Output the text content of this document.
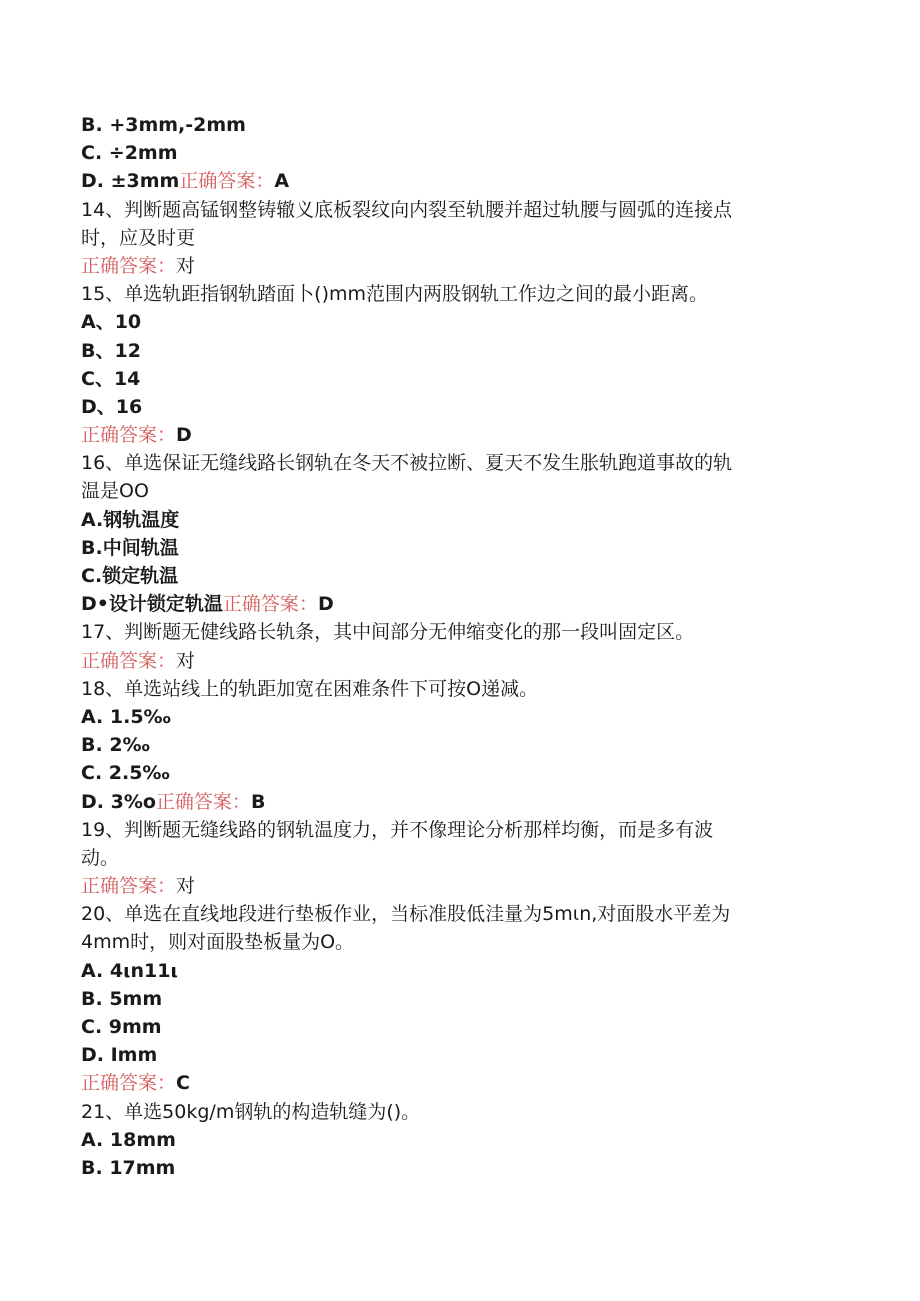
B. +3mm,-2mm
C. ÷2mm
D. ±3mm正确答案：A
14、判断题高锰钢整铸辙义底板裂纹向内裂至轨腰并超过轨腰与圆弧的连接点
时，应及时更
正确答案：对
15、单选轨距指钢轨踏面卜()mm范围内两股钢轨工作边之间的最小距离。
A、10
B、12
C、14
D、16
正确答案：D
16、单选保证无缝线路长钢轨在冬天不被拉断、夏天不发生胀轨跑道事故的轨
温是OO
A.钢轨温度
B.中间轨温
C.锁定轨温
D•设计锁定轨温正确答案：D
17、判断题无健线路长轨条，其中间部分无伸缩变化的那一段叫固定区。
正确答案：对
18、单选站线上的轨距加宽在困难条件下可按O递减。
A. 1.5‰
B. 2‰
C. 2.5‰
D. 3%o正确答案：B
19、判断题无缝线路的钢轨温度力，并不像理论分析那样均衡，而是多有波
动。
正确答案：对
20、单选在直线地段进行垫板作业，当标准股低洼量为5mιn,对面股水平差为
4mm时，则对面股垫板量为O。
A. 4ιn11ι
B. 5mm
C. 9mm
D. Imm
正确答案：C
21、单选50kg/m钢轨的构造轨缝为()。
A. 18mm
B. 17mm
